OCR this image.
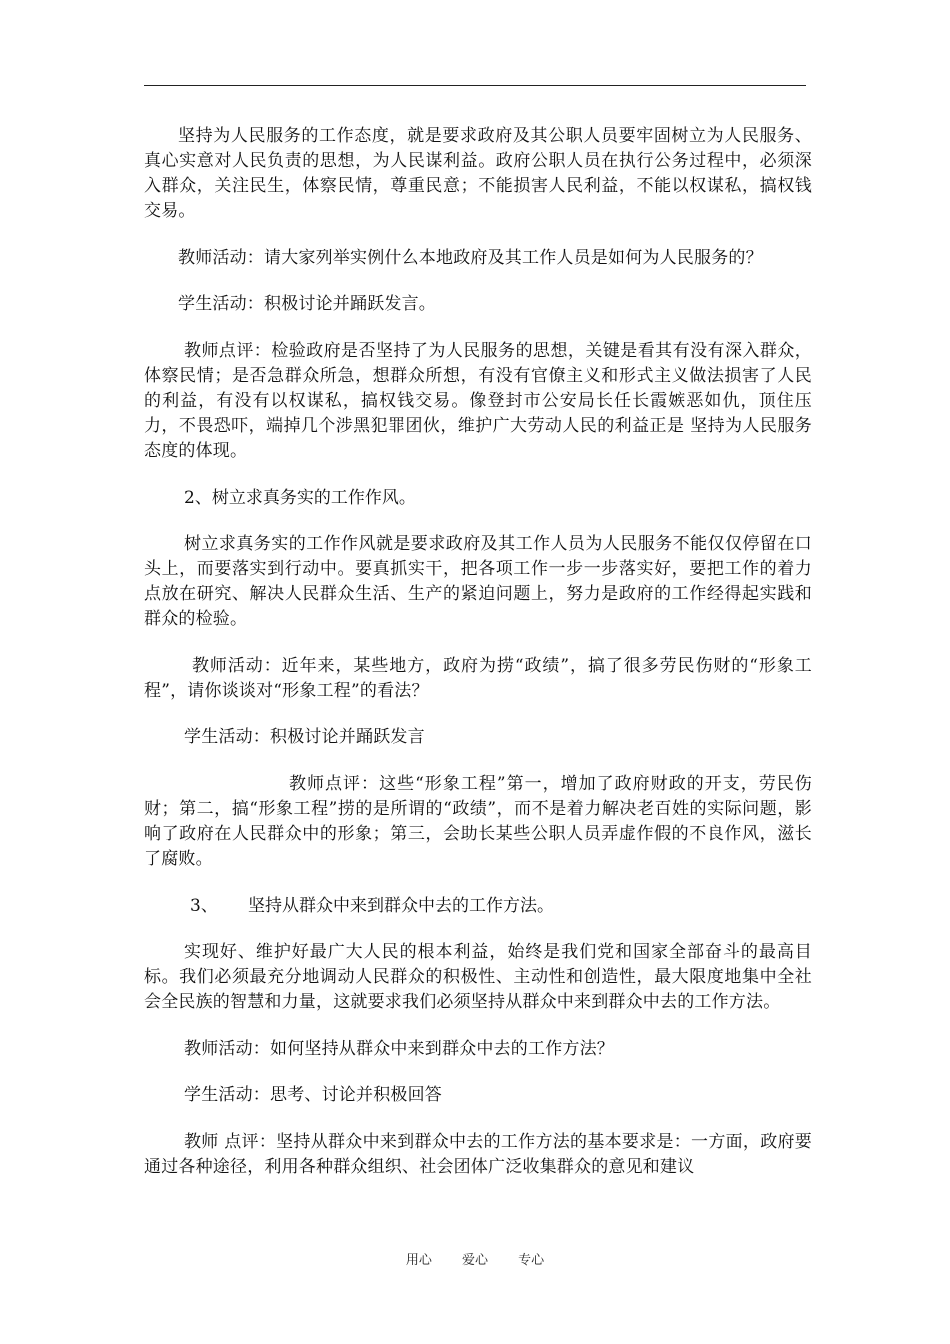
坚持为人民服务的工作态度，就是要求政府及其公职人员要牢固树立为人民服务、真心实意对人民负责的思想，为人民谋利益。政府公职人员在执行公务过程中，必须深入群众，关注民生，体察民情，尊重民意；不能损害人民利益，不能以权谋私，搞权钱交易。

教师活动：请大家列举实例什么本地政府及其工作人员是如何为人民服务的？

学生活动：积极讨论并踊跃发言。

教师点评：检验政府是否坚持了为人民服务的思想，关键是看其有没有深入群众，体察民情；是否急群众所急，想群众所想，有没有官僚主义和形式主义做法损害了人民的利益，有没有以权谋私，搞权钱交易。像登封市公安局长任长霞嫉恶如仇，顶住压力，不畏恐吓，端掉几个涉黑犯罪团伙，维护广大劳动人民的利益正是 坚持为人民服务态度的体现。

2、树立求真务实的工作作风。

树立求真务实的工作作风就是要求政府及其工作人员为人民服务不能仅仅停留在口头上，而要落实到行动中。要真抓实干，把各项工作一步一步落实好，要把工作的着力点放在研究、解决人民群众生活、生产的紧迫问题上，努力是政府的工作经得起实践和群众的检验。

教师活动：近年来，某些地方，政府为捞“政绩”，搞了很多劳民伤财的“形象工程”，请你谈谈对“形象工程”的看法？

学生活动：积极讨论并踊跃发言

教师点评：这些“形象工程”第一，增加了政府财政的开支，劳民伤财；第二，搞“形象工程”捞的是所谓的“政绩”，而不是着力解决老百姓的实际问题，影响了政府在人民群众中的形象；第三，会助长某些公职人员弄虚作假的不良作风，滋长了腐败。

3、 坚持从群众中来到群众中去的工作方法。

实现好、维护好最广大人民的根本利益，始终是我们党和国家全部奋斗的最高目标。我们必须最充分地调动人民群众的积极性、主动性和创造性，最大限度地集中全社会全民族的智慧和力量，这就要求我们必须坚持从群众中来到群众中去的工作方法。

教师活动：如何坚持从群众中来到群众中去的工作方法？

学生活动：思考、讨论并积极回答

教师 点评：坚持从群众中来到群众中去的工作方法的基本要求是：一方面，政府要通过各种途径，利用各种群众组织、社会团体广泛收集群众的意见和建议

用心 爱心 专心
